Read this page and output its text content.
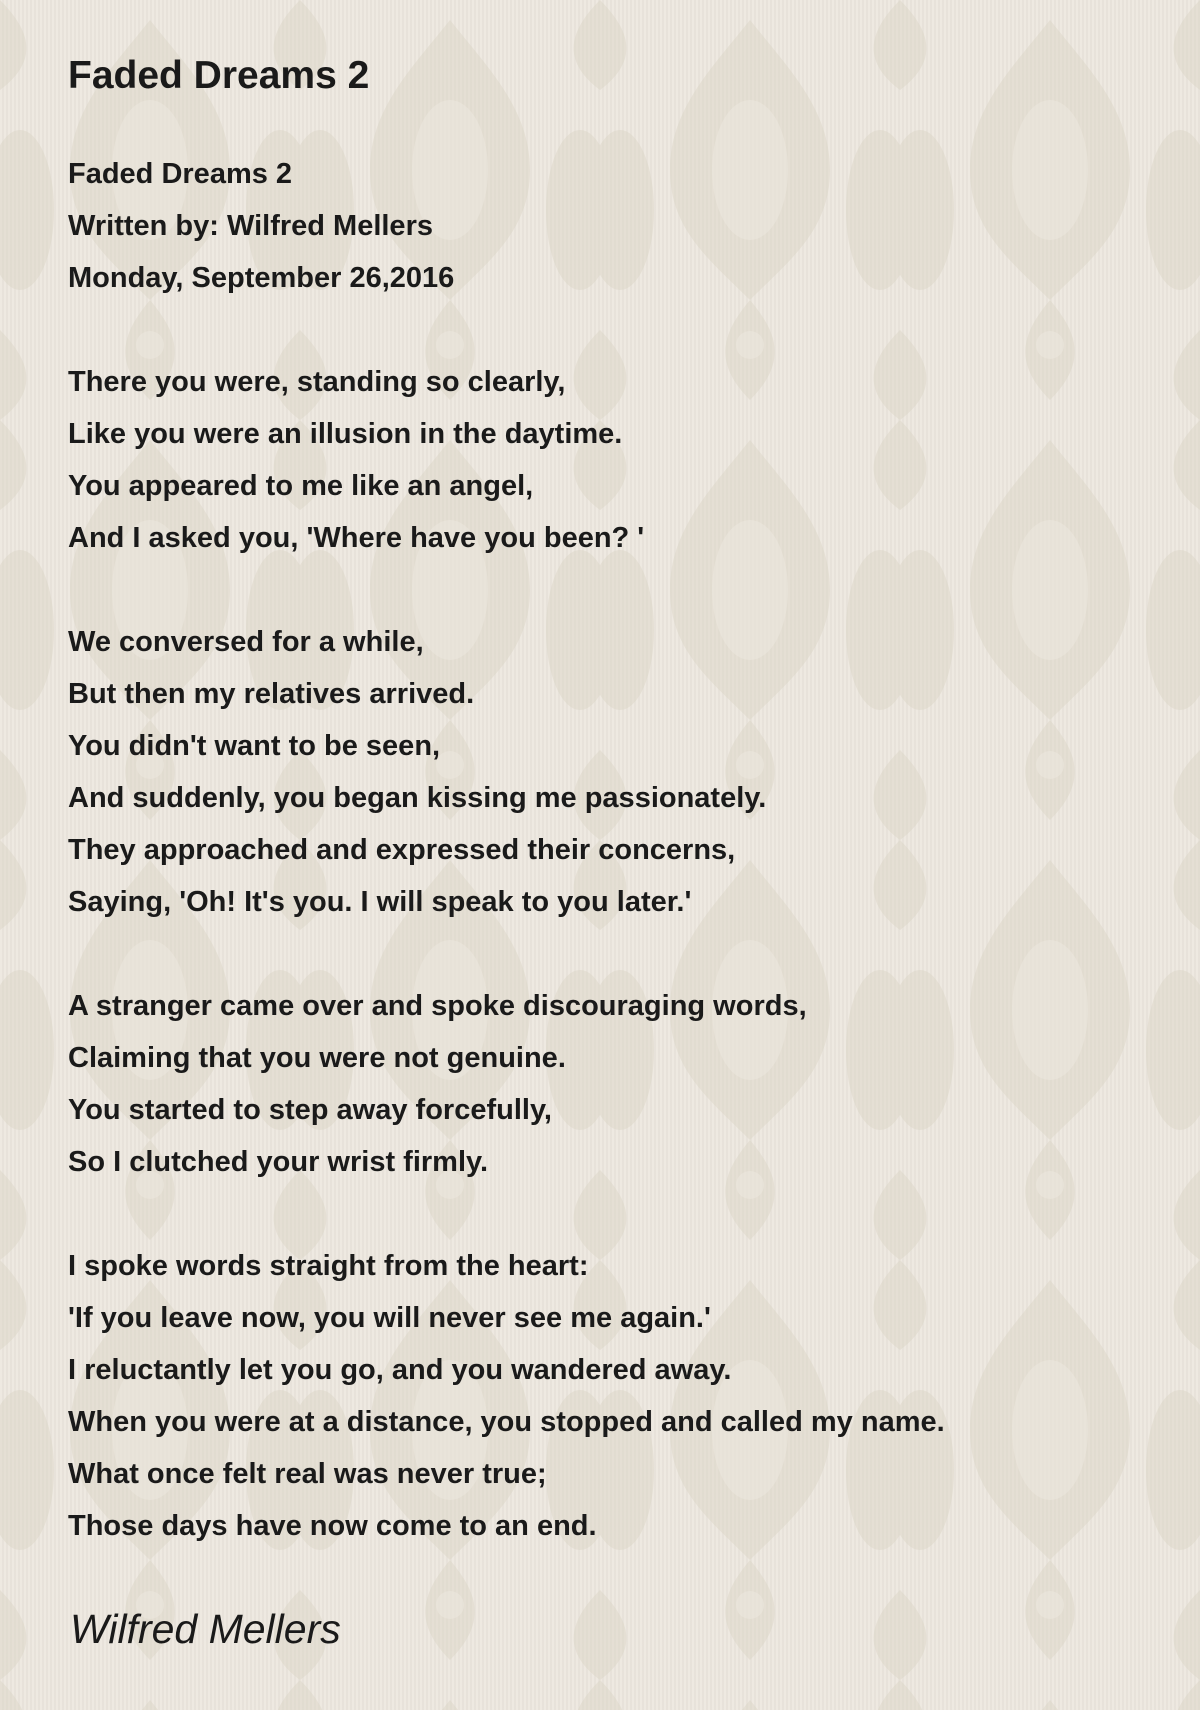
Faded Dreams 2
Faded Dreams 2
Written by: Wilfred Mellers
Monday, September 26,2016
There you were, standing so clearly,
Like you were an illusion in the daytime.
You appeared to me like an angel,
And I asked you, 'Where have you been? '
We conversed for a while,
But then my relatives arrived.
You didn't want to be seen,
And suddenly, you began kissing me passionately.
They approached and expressed their concerns,
Saying, 'Oh! It's you. I will speak to you later.'
A stranger came over and spoke discouraging words,
Claiming that you were not genuine.
You started to step away forcefully,
So I clutched your wrist firmly.
I spoke words straight from the heart:
'If you leave now, you will never see me again.'
I reluctantly let you go, and you wandered away.
When you were at a distance, you stopped and called my name.
What once felt real was never true;
Those days have now come to an end.
Wilfred Mellers
